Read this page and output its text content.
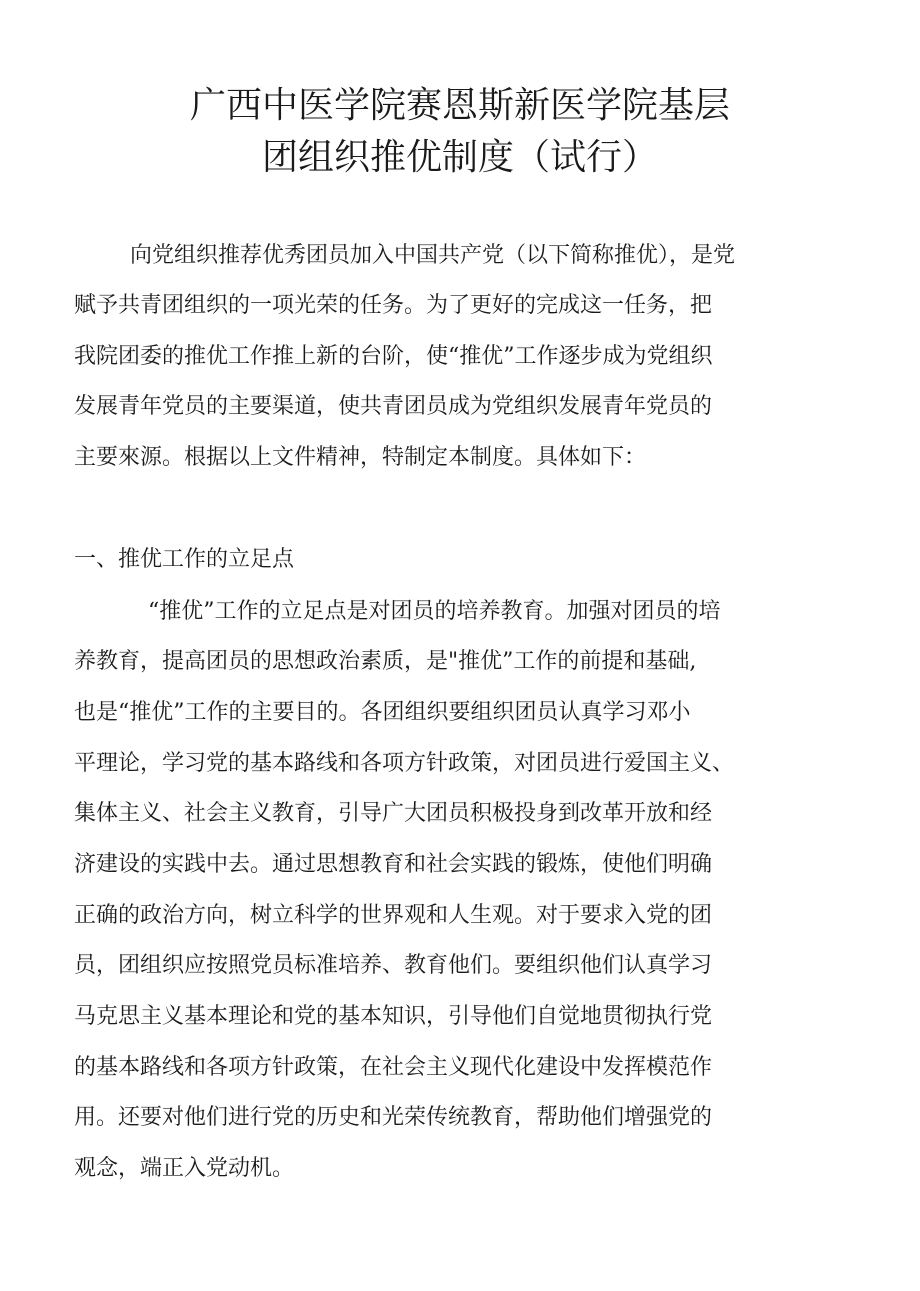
广西中医学院赛恩斯新医学院基层
团组织推优制度（试行）
向党组织推荐优秀团员加入中国共产党（以下简称推优），是党
赋予共青团组织的一项光荣的任务。为了更好的完成这一任务，把
我院团委的推优工作推上新的台阶，使“推优”工作逐步成为党组织
发展青年党员的主要渠道，使共青团员成为党组织发展青年党员的
主要來源。根据以上文件精神，特制定本制度。具体如下：
一、推优工作的立足点
“推优”工作的立足点是对团员的培养教育。加强对团员的培
养教育，提高团员的思想政治素质，是"推优”工作的前提和基础,
也是“推优”工作的主要目的。各团组织要组织团员认真学习邓小
平理论，学习党的基本路线和各项方针政策，对团员进行爱国主义、
集体主义、社会主义教育，引导广大团员积极投身到改革开放和经
济建设的实践中去。通过思想教育和社会实践的锻炼，使他们明确
正确的政治方向，树立科学的世界观和人生观。对于要求入党的团
员，团组织应按照党员标准培养、教育他们。要组织他们认真学习
马克思主义基本理论和党的基本知识，引导他们自觉地贯彻执行党
的基本路线和各项方针政策，在社会主义现代化建设中发挥模范作
用。还要对他们进行党的历史和光荣传统教育，帮助他们增强党的
观念，端正入党动机。
